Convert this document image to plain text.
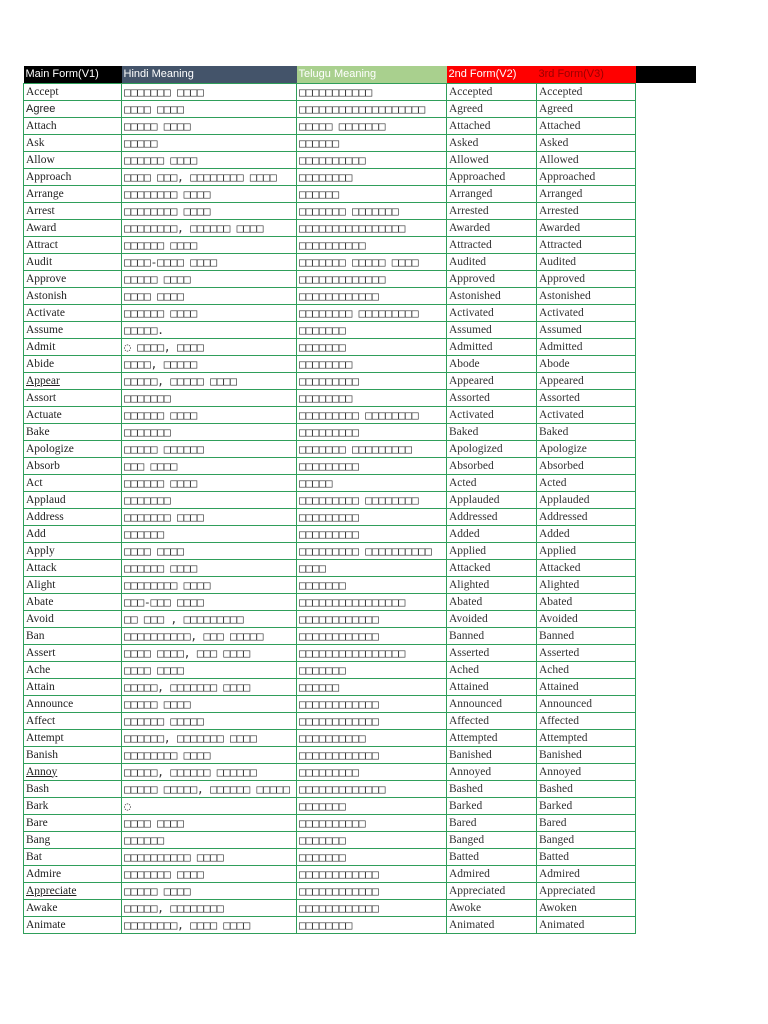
Main Form(V1)	Hindi Meaning	Telugu Meaning	2nd Form(V2)	3rd Form(V3)	
Accept	□□□□□□□ □□□□	□□□□□□□□□□□	Accepted	Accepted	
Agree	□□□□ □□□□	□□□□□□□□□□□□□□□□□□□	Agreed	Agreed	
Attach	□□□□□ □□□□	□□□□□ □□□□□□□	Attached	Attached	
Ask	□□□□□	□□□□□□	Asked	Asked	
Allow	□□□□□□ □□□□	□□□□□□□□□□	Allowed	Allowed	
Approach	□□□□ □□□, □□□□□□□□ □□□□	□□□□□□□□	Approached	Approached	
Arrange	□□□□□□□□ □□□□	□□□□□□	Arranged	Arranged	
Arrest	□□□□□□□□ □□□□	□□□□□□□ □□□□□□□	Arrested	Arrested	
Award	□□□□□□□□, □□□□□□ □□□□	□□□□□□□□□□□□□□□□	Awarded	Awarded	
Attract	□□□□□□ □□□□	□□□□□□□□□□	Attracted	Attracted	
Audit	□□□□-□□□□ □□□□	□□□□□□□ □□□□□ □□□□	Audited	Audited	
Approve	□□□□□ □□□□	□□□□□□□□□□□□□	Approved	Approved	
Astonish	□□□□ □□□□	□□□□□□□□□□□□	Astonished	Astonished	
Activate	□□□□□□ □□□□	□□□□□□□□ □□□□□□□□□	Activated	Activated	
Assume	□□□□□.	□□□□□□□	Assumed	Assumed	
Admit	◌ □□□□, □□□□	□□□□□□□	Admitted	Admitted	
Abide	□□□□, □□□□□	□□□□□□□□	Abode	Abode	
Appear	□□□□□, □□□□□ □□□□	□□□□□□□□□	Appeared	Appeared	
Assort	□□□□□□□	□□□□□□□□	Assorted	Assorted	
Actuate	□□□□□□ □□□□	□□□□□□□□□ □□□□□□□□	Activated	Activated	
Bake	□□□□□□□	□□□□□□□□□	Baked	Baked	
Apologize	□□□□□ □□□□□□	□□□□□□□ □□□□□□□□□	Apologized	Apologize	
Absorb	□□□ □□□□	□□□□□□□□□	Absorbed	Absorbed	
Act	□□□□□□ □□□□	□□□□□	Acted	Acted	
Applaud	□□□□□□□	□□□□□□□□□ □□□□□□□□	Applauded	Applauded	
Address	□□□□□□□ □□□□	□□□□□□□□□	Addressed	Addressed	
Add	□□□□□□	□□□□□□□□□	Added	Added	
Apply	□□□□ □□□□	□□□□□□□□□ □□□□□□□□□□	Applied	Applied	
Attack	□□□□□□ □□□□	□□□□	Attacked	Attacked	
Alight	□□□□□□□□ □□□□	□□□□□□□	Alighted	Alighted	
Abate	□□□-□□□ □□□□	□□□□□□□□□□□□□□□□	Abated	Abated	
Avoid	□□ □□□ , □□□□□□□□□	□□□□□□□□□□□□	Avoided	Avoided	
Ban	□□□□□□□□□□, □□□ □□□□□	□□□□□□□□□□□□	Banned	Banned	
Assert	□□□□ □□□□, □□□ □□□□	□□□□□□□□□□□□□□□□	Asserted	Asserted	
Ache	□□□□ □□□□	□□□□□□□	Ached	Ached	
Attain	□□□□□, □□□□□□□ □□□□	□□□□□□	Attained	Attained	
Announce	□□□□□ □□□□	□□□□□□□□□□□□	Announced	Announced	
Affect	□□□□□□ □□□□□	□□□□□□□□□□□□	Affected	Affected	
Attempt	□□□□□□, □□□□□□□ □□□□	□□□□□□□□□□	Attempted	Attempted	
Banish	□□□□□□□□ □□□□	□□□□□□□□□□□□	Banished	Banished	
Annoy	□□□□□, □□□□□□ □□□□□□	□□□□□□□□□	Annoyed	Annoyed	
Bash	□□□□□ □□□□□, □□□□□□ □□□□□	□□□□□□□□□□□□□	Bashed	Bashed	
Bark	◌	□□□□□□□	Barked	Barked	
Bare	□□□□ □□□□	□□□□□□□□□□	Bared	Bared	
Bang	□□□□□□	□□□□□□□	Banged	Banged	
Bat	□□□□□□□□□□ □□□□	□□□□□□□	Batted	Batted	
Admire	□□□□□□□ □□□□	□□□□□□□□□□□□	Admired	Admired	
Appreciate	□□□□□ □□□□	□□□□□□□□□□□□	Appreciated	Appreciated	
Awake	□□□□□, □□□□□□□□	□□□□□□□□□□□□	Awoke	Awoken	
Animate	□□□□□□□□, □□□□ □□□□	□□□□□□□□	Animated	Animated	
